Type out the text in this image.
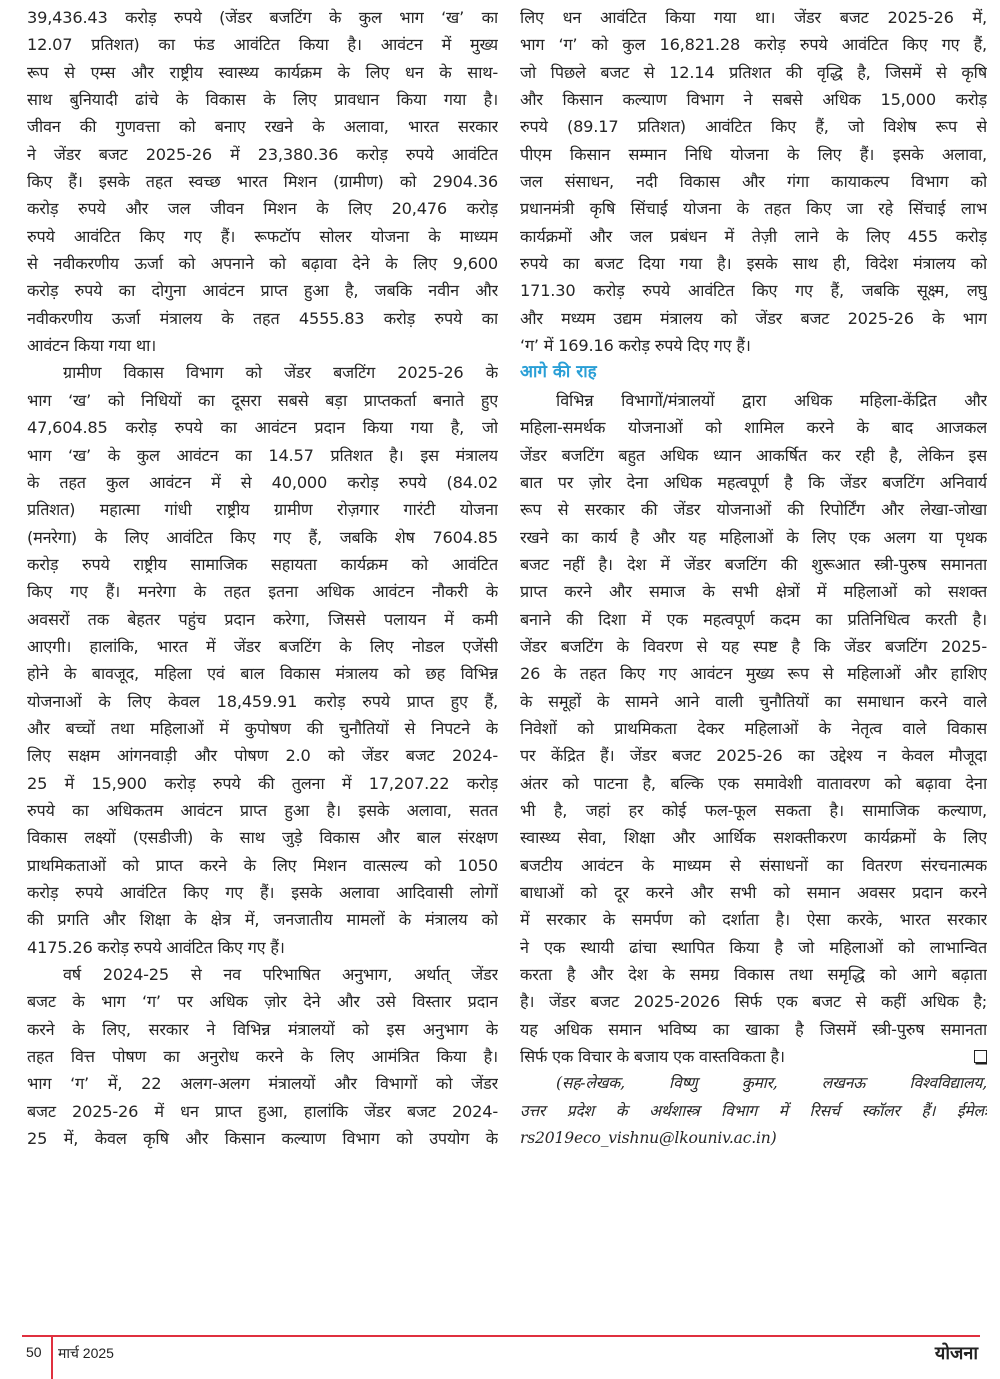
39,436.43 करोड़ रुपये (जेंडर बजटिंग के कुल भाग ‘ख’ का
12.07 प्रतिशत) का फंड आवंटित किया है। आवंटन में मुख्य
रूप से एम्स और राष्ट्रीय स्वास्थ्य कार्यक्रम के लिए धन के साथ-
साथ बुनियादी ढांचे के विकास के लिए प्रावधान किया गया है।
जीवन की गुणवत्ता को बनाए रखने के अलावा, भारत सरकार
ने जेंडर बजट 2025-26 में 23,380.36 करोड़ रुपये आवंटित
किए हैं। इसके तहत स्वच्छ भारत मिशन (ग्रामीण) को 2904.36
करोड़ रुपये और जल जीवन मिशन के लिए 20,476 करोड़
रुपये आवंटित किए गए हैं। रूफटॉप सोलर योजना के माध्यम
से नवीकरणीय ऊर्जा को अपनाने को बढ़ावा देने के लिए 9,600
करोड़ रुपये का दोगुना आवंटन प्राप्त हुआ है, जबकि नवीन और
नवीकरणीय ऊर्जा मंत्रालय के तहत 4555.83 करोड़ रुपये का
आवंटन किया गया था।
ग्रामीण विकास विभाग को जेंडर बजटिंग 2025-26 के
भाग ‘ख’ को निधियों का दूसरा सबसे बड़ा प्राप्तकर्ता बनाते हुए
47,604.85 करोड़ रुपये का आवंटन प्रदान किया गया है, जो
भाग ‘ख’ के कुल आवंटन का 14.57 प्रतिशत है। इस मंत्रालय
के तहत कुल आवंटन में से 40,000 करोड़ रुपये (84.02
प्रतिशत) महात्मा गांधी राष्ट्रीय ग्रामीण रोज़गार गारंटी योजना
(मनरेगा) के लिए आवंटित किए गए हैं, जबकि शेष 7604.85
करोड़ रुपये राष्ट्रीय सामाजिक सहायता कार्यक्रम को आवंटित
किए गए हैं। मनरेगा के तहत इतना अधिक आवंटन नौकरी के
अवसरों तक बेहतर पहुंच प्रदान करेगा, जिससे पलायन में कमी
आएगी। हालांकि, भारत में जेंडर बजटिंग के लिए नोडल एजेंसी
होने के बावजूद, महिला एवं बाल विकास मंत्रालय को छह विभिन्न
योजनाओं के लिए केवल 18,459.91 करोड़ रुपये प्राप्त हुए हैं,
और बच्चों तथा महिलाओं में कुपोषण की चुनौतियों से निपटने के
लिए सक्षम आंगनवाड़ी और पोषण 2.0 को जेंडर बजट 2024-
25 में 15,900 करोड़ रुपये की तुलना में 17,207.22 करोड़
रुपये का अधिकतम आवंटन प्राप्त हुआ है। इसके अलावा, सतत
विकास लक्ष्यों (एसडीजी) के साथ जुड़े विकास और बाल संरक्षण
प्राथमिकताओं को प्राप्त करने के लिए मिशन वात्सल्य को 1050
करोड़ रुपये आवंटित किए गए हैं। इसके अलावा आदिवासी लोगों
की प्रगति और शिक्षा के क्षेत्र में, जनजातीय मामलों के मंत्रालय को
4175.26 करोड़ रुपये आवंटित किए गए हैं।
वर्ष 2024-25 से नव परिभाषित अनुभाग, अर्थात् जेंडर
बजट के भाग ‘ग’ पर अधिक ज़ोर देने और उसे विस्तार प्रदान
करने के लिए, सरकार ने विभिन्न मंत्रालयों को इस अनुभाग के
तहत वित्त पोषण का अनुरोध करने के लिए आमंत्रित किया है।
भाग ‘ग’ में, 22 अलग-अलग मंत्रालयों और विभागों को जेंडर
बजट 2025-26 में धन प्राप्त हुआ, हालांकि जेंडर बजट 2024-
25 में, केवल कृषि और किसान कल्याण विभाग को उपयोग के
लिए धन आवंटित किया गया था। जेंडर बजट 2025-26 में,
भाग ‘ग’ को कुल 16,821.28 करोड़ रुपये आवंटित किए गए हैं,
जो पिछले बजट से 12.14 प्रतिशत की वृद्धि है, जिसमें से कृषि
और किसान कल्याण विभाग ने सबसे अधिक 15,000 करोड़
रुपये (89.17 प्रतिशत) आवंटित किए हैं, जो विशेष रूप से
पीएम किसान सम्मान निधि योजना के लिए हैं। इसके अलावा,
जल संसाधन, नदी विकास और गंगा कायाकल्प विभाग को
प्रधानमंत्री कृषि सिंचाई योजना के तहत किए जा रहे सिंचाई लाभ
कार्यक्रमों और जल प्रबंधन में तेज़ी लाने के लिए 455 करोड़
रुपये का बजट दिया गया है। इसके साथ ही, विदेश मंत्रालय को
171.30 करोड़ रुपये आवंटित किए गए हैं, जबकि सूक्ष्म, लघु
और मध्यम उद्यम मंत्रालय को जेंडर बजट 2025-26 के भाग
‘ग’ में 169.16 करोड़ रुपये दिए गए हैं।
आगे की राह
विभिन्न विभागों/मंत्रालयों द्वारा अधिक महिला-केंद्रित और
महिला-समर्थक योजनाओं को शामिल करने के बाद आजकल
जेंडर बजटिंग बहुत अधिक ध्यान आकर्षित कर रही है, लेकिन इस
बात पर ज़ोर देना अधिक महत्वपूर्ण है कि जेंडर बजटिंग अनिवार्य
रूप से सरकार की जेंडर योजनाओं की रिपोर्टिंग और लेखा-जोखा
रखने का कार्य है और यह महिलाओं के लिए एक अलग या पृथक
बजट नहीं है। देश में जेंडर बजटिंग की शुरूआत स्त्री-पुरुष समानता
प्राप्त करने और समाज के सभी क्षेत्रों में महिलाओं को सशक्त
बनाने की दिशा में एक महत्वपूर्ण कदम का प्रतिनिधित्व करती है।
जेंडर बजटिंग के विवरण से यह स्पष्ट है कि जेंडर बजटिंग 2025-
26 के तहत किए गए आवंटन मुख्य रूप से महिलाओं और हाशिए
के समूहों के सामने आने वाली चुनौतियों का समाधान करने वाले
निवेशों को प्राथमिकता देकर महिलाओं के नेतृत्व वाले विकास
पर केंद्रित हैं। जेंडर बजट 2025-26 का उद्देश्य न केवल मौजूदा
अंतर को पाटना है, बल्कि एक समावेशी वातावरण को बढ़ावा देना
भी है, जहां हर कोई फल-फूल सकता है। सामाजिक कल्याण,
स्वास्थ्य सेवा, शिक्षा और आर्थिक सशक्तीकरण कार्यक्रमों के लिए
बजटीय आवंटन के माध्यम से संसाधनों का वितरण संरचनात्मक
बाधाओं को दूर करने और सभी को समान अवसर प्रदान करने
में सरकार के समर्पण को दर्शाता है। ऐसा करके, भारत सरकार
ने एक स्थायी ढांचा स्थापित किया है जो महिलाओं को लाभान्वित
करता है और देश के समग्र विकास तथा समृद्धि को आगे बढ़ाता
है। जेंडर बजट 2025-2026 सिर्फ एक बजट से कहीं अधिक है;
यह अधिक समान भविष्य का खाका है जिसमें स्त्री-पुरुष समानता
सिर्फ एक विचार के बजाय एक वास्तविकता है।
(सह-लेखक, विष्णु कुमार, लखनऊ विश्वविद्यालय,
उत्तर प्रदेश के अर्थशास्त्र विभाग में रिसर्च स्कॉलर हैं। ईमेलः
rs2019eco_vishnu@lkouniv.ac.in)
50 मार्च 2025	योजना
